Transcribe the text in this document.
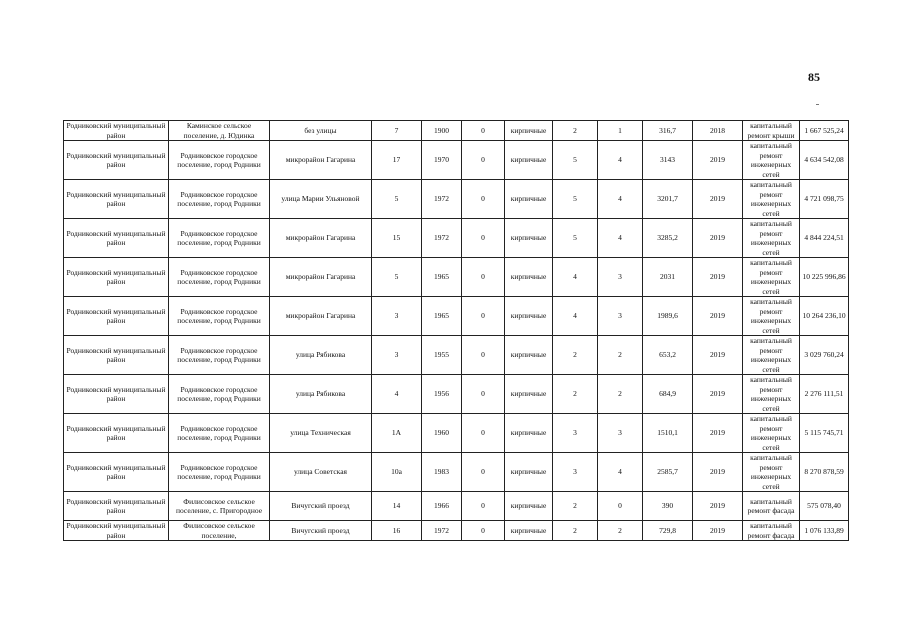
85
Родниковский муниципальный район	Каминское сельское поселение, д. Юдинка	без улицы	7	1900	0	кирпичные	2	1	316,7	2018	капитальный ремонт крыши	1 667 525,24
Родниковский муниципальный район	Родниковское городское поселение, город Родники	микрорайон Гагарина	17	1970	0	кирпичные	5	4	3143	2019	капитальный ремонт инженерных сетей	4 634 542,08
Родниковский муниципальный район	Родниковское городское поселение, город Родники	улица Марии Ульяновой	5	1972	0	кирпичные	5	4	3201,7	2019	капитальный ремонт инженерных сетей	4 721 098,75
Родниковский муниципальный район	Родниковское городское поселение, город Родники	микрорайон Гагарина	15	1972	0	кирпичные	5	4	3285,2	2019	капитальный ремонт инженерных сетей	4 844 224,51
Родниковский муниципальный район	Родниковское городское поселение, город Родники	микрорайон Гагарина	5	1965	0	кирпичные	4	3	2031	2019	капитальный ремонт инженерных сетей	10 225 996,86
Родниковский муниципальный район	Родниковское городское поселение, город Родники	микрорайон Гагарина	3	1965	0	кирпичные	4	3	1989,6	2019	капитальный ремонт инженерных сетей	10 264 236,10
Родниковский муниципальный район	Родниковское городское поселение, город Родники	улица Рябикова	3	1955	0	кирпичные	2	2	653,2	2019	капитальный ремонт инженерных сетей	3 029 760,24
Родниковский муниципальный район	Родниковское городское поселение, город Родники	улица Рябикова	4	1956	0	кирпичные	2	2	684,9	2019	капитальный ремонт инженерных сетей	2 276 111,51
Родниковский муниципальный район	Родниковское городское поселение, город Родники	улица Техническая	1А	1960	0	кирпичные	3	3	1510,1	2019	капитальный ремонт инженерных сетей	5 115 745,71
Родниковский муниципальный район	Родниковское городское поселение, город Родники	улица Советская	10а	1983	0	кирпичные	3	4	2585,7	2019	капитальный ремонт инженерных сетей	8 270 878,59
Родниковский муниципальный район	Филисовское сельское поселение, с. Пригородное	Вичугский проезд	14	1966	0	кирпичные	2	0	390	2019	капитальный ремонт фасада	575 078,40
Родниковский муниципальный район	Филисовское сельское поселение,	Вичугский проезд	16	1972	0	кирпичные	2	2	729,8	2019	капитальный ремонт фасада	1 076 133,89
